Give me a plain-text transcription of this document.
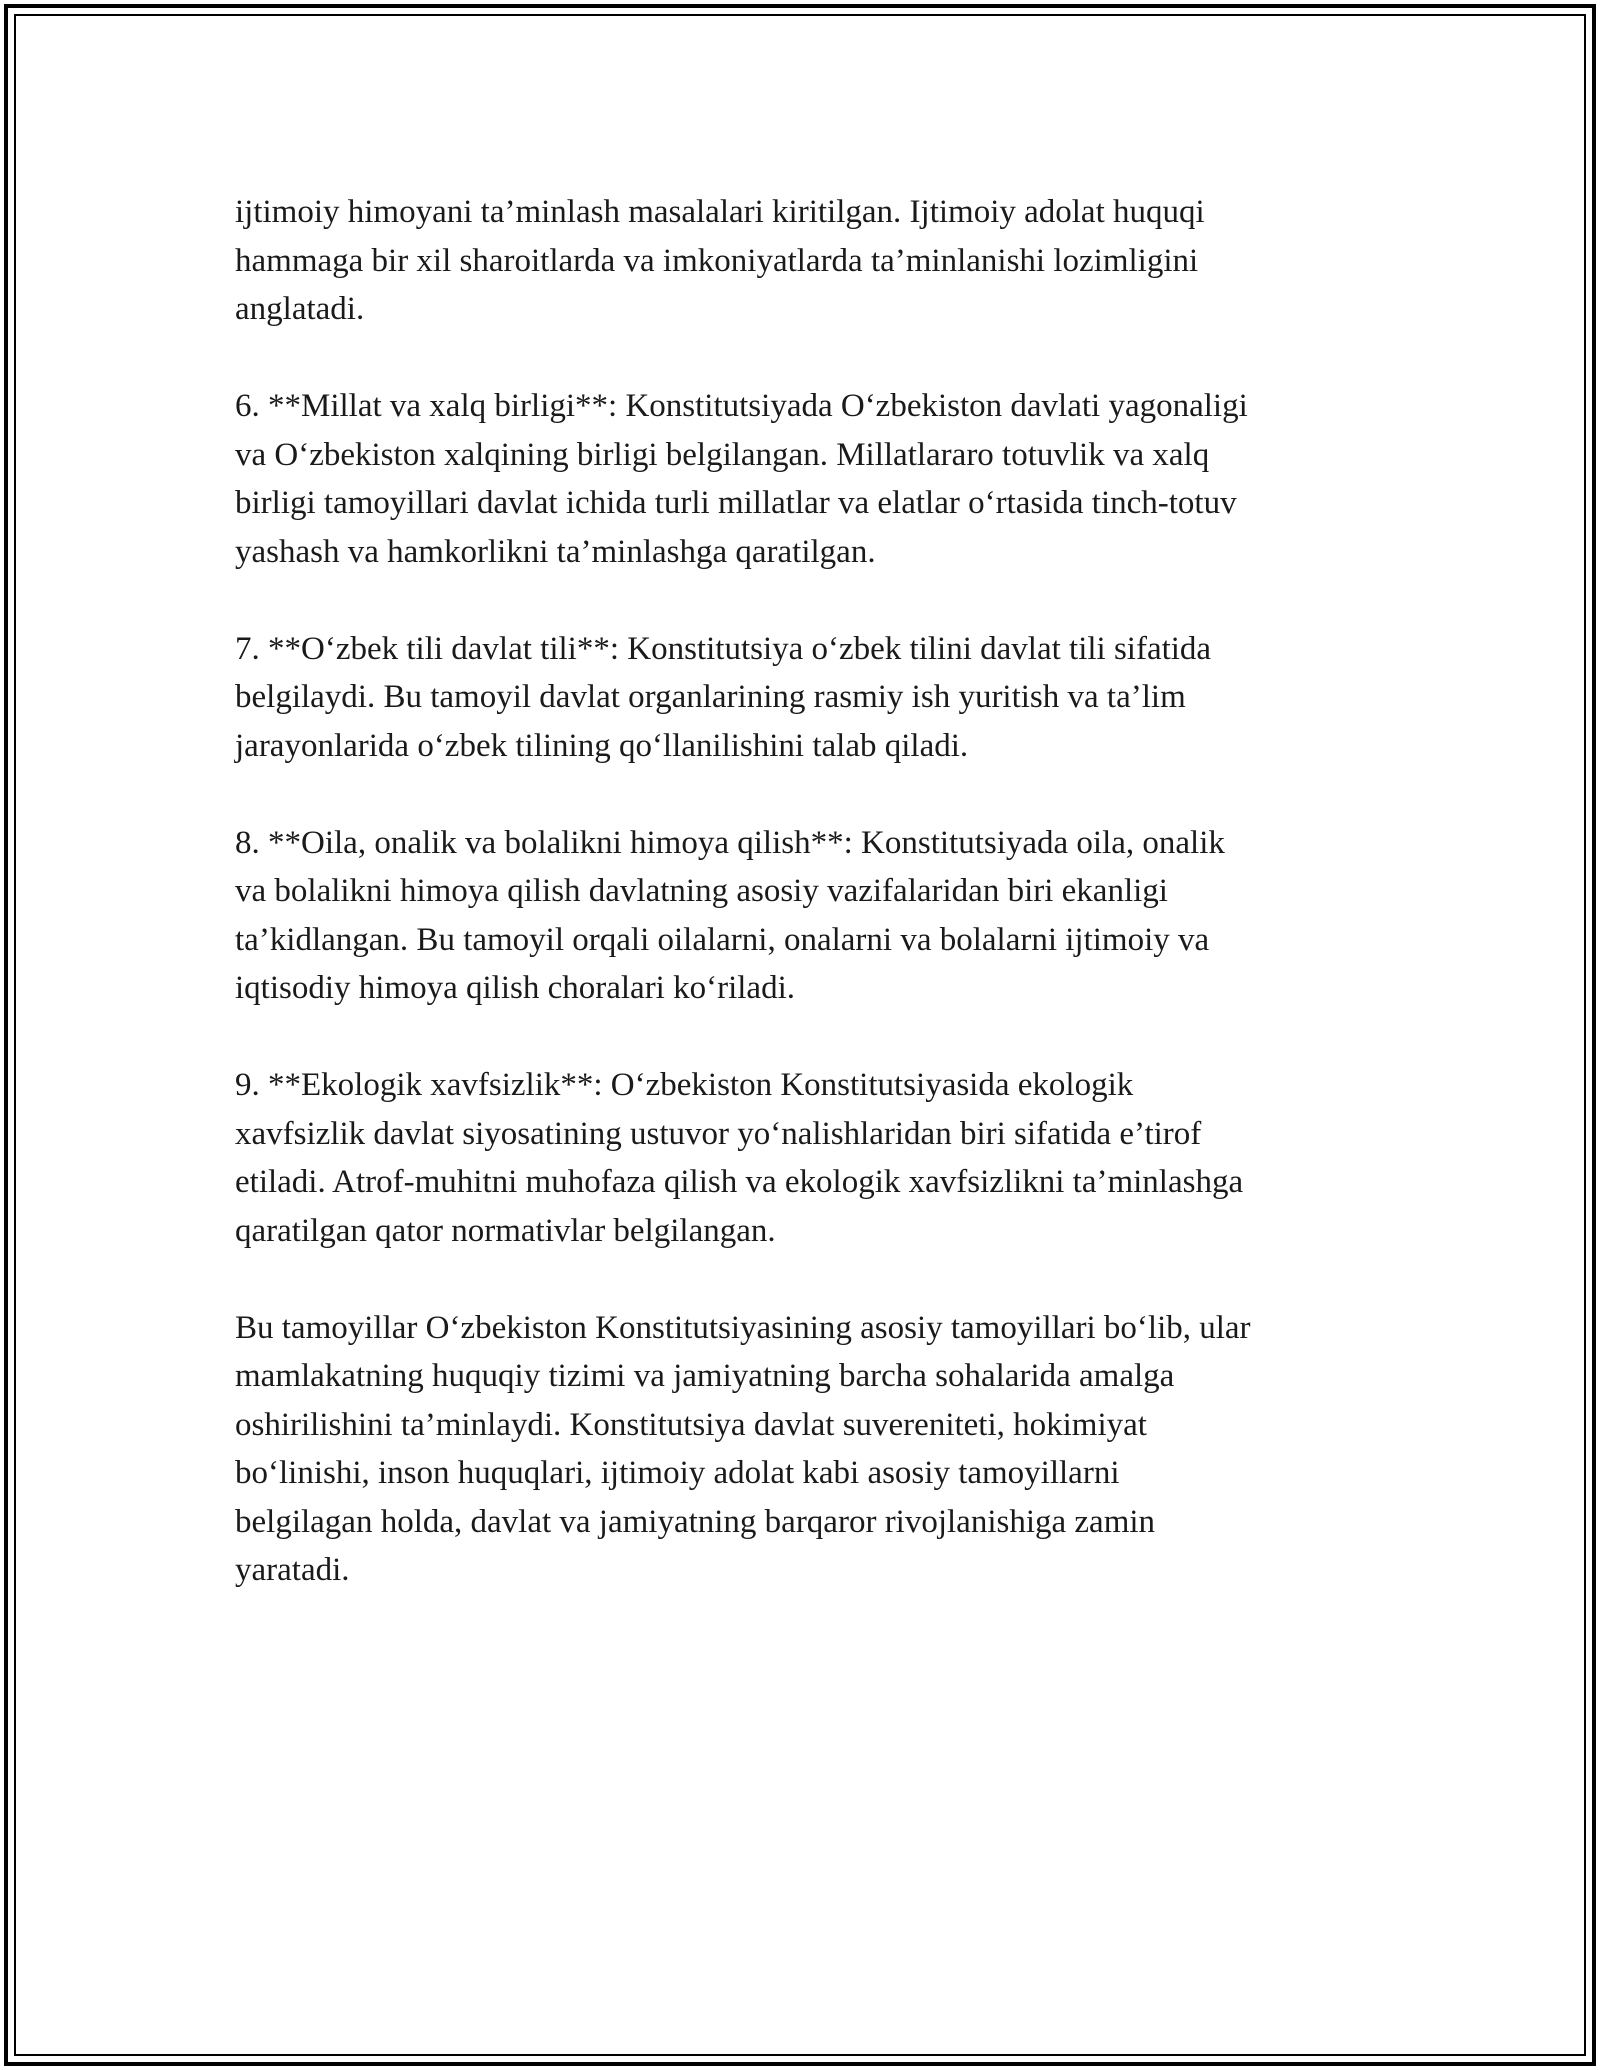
ijtimoiy himoyani ta’minlash masalalari kiritilgan. Ijtimoiy adolat huquqi
hammaga bir xil sharoitlarda va imkoniyatlarda ta’minlanishi lozimligini
anglatadi.

6. **Millat va xalq birligi**: Konstitutsiyada O‘zbekiston davlati yagonaligi
va O‘zbekiston xalqining birligi belgilangan. Millatlararo totuvlik va xalq
birligi tamoyillari davlat ichida turli millatlar va elatlar o‘rtasida tinch-totuv
yashash va hamkorlikni ta’minlashga qaratilgan.

7. **O‘zbek tili davlat tili**: Konstitutsiya o‘zbek tilini davlat tili sifatida
belgilaydi. Bu tamoyil davlat organlarining rasmiy ish yuritish va ta’lim
jarayonlarida o‘zbek tilining qo‘llanilishini talab qiladi.

8. **Oila, onalik va bolalikni himoya qilish**: Konstitutsiyada oila, onalik
va bolalikni himoya qilish davlatning asosiy vazifalaridan biri ekanligi
ta’kidlangan. Bu tamoyil orqali oilalarni, onalarni va bolalarni ijtimoiy va
iqtisodiy himoya qilish choralari ko‘riladi.

9. **Ekologik xavfsizlik**: O‘zbekiston Konstitutsiyasida ekologik
xavfsizlik davlat siyosatining ustuvor yo‘nalishlaridan biri sifatida e’tirof
etiladi. Atrof-muhitni muhofaza qilish va ekologik xavfsizlikni ta’minlashga
qaratilgan qator normativlar belgilangan.

Bu tamoyillar O‘zbekiston Konstitutsiyasining asosiy tamoyillari bo‘lib, ular
mamlakatning huquqiy tizimi va jamiyatning barcha sohalarida amalga
oshirilishini ta’minlaydi. Konstitutsiya davlat suvereniteti, hokimiyat
bo‘linishi, inson huquqlari, ijtimoiy adolat kabi asosiy tamoyillarni
belgilagan holda, davlat va jamiyatning barqaror rivojlanishiga zamin
yaratadi.
